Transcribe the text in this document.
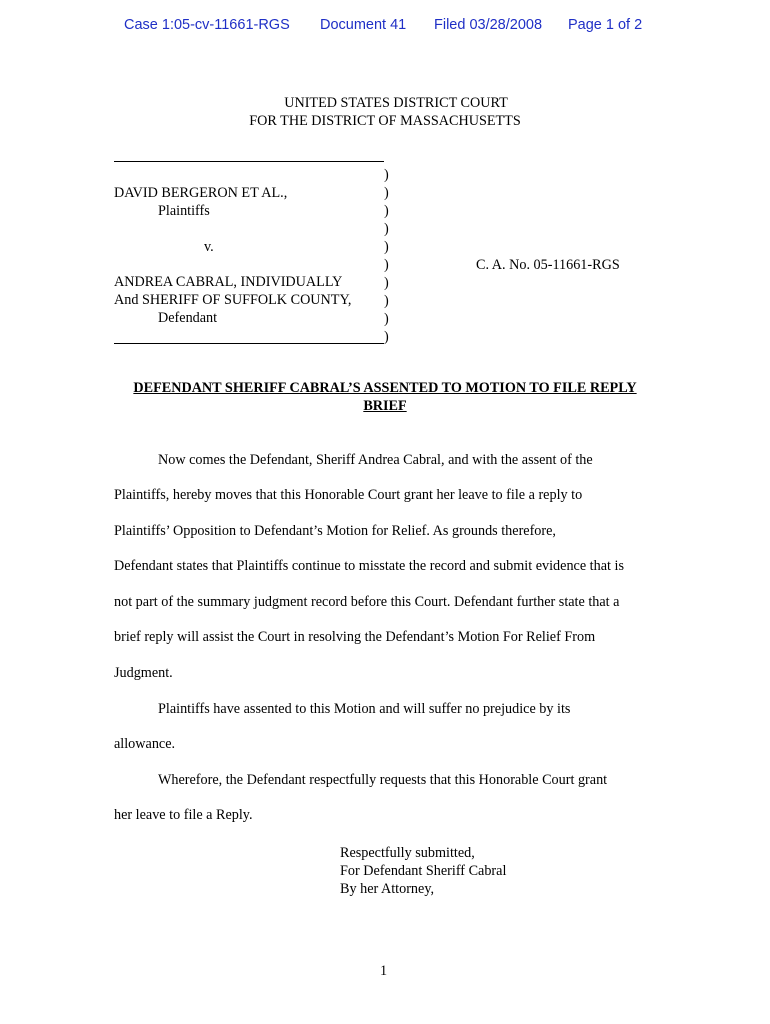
Case 1:05-cv-11661-RGS Document 41 Filed 03/28/2008 Page 1 of 2
UNITED STATES DISTRICT COURT
FOR THE DISTRICT OF MASSACHUSETTS
DAVID BERGERON ET AL.,
Plaintiffs
v.
ANDREA CABRAL, INDIVIDUALLY
And SHERIFF OF SUFFOLK COUNTY,
Defendant
)
)
)
)
)
)
)
)
)
)
C. A. No. 05-11661-RGS
DEFENDANT SHERIFF CABRAL’S ASSENTED TO MOTION TO FILE REPLY
BRIEF
Now comes the Defendant, Sheriff Andrea Cabral, and with the assent of the
Plaintiffs, hereby moves that this Honorable Court grant her leave to file a reply to
Plaintiffs’ Opposition to Defendant’s Motion for Relief. As grounds therefore,
Defendant states that Plaintiffs continue to misstate the record and submit evidence that is
not part of the summary judgment record before this Court. Defendant further state that a
brief reply will assist the Court in resolving the Defendant’s Motion For Relief From
Judgment.
Plaintiffs have assented to this Motion and will suffer no prejudice by its
allowance.
Wherefore, the Defendant respectfully requests that this Honorable Court grant
her leave to file a Reply.
Respectfully submitted,
For Defendant Sheriff Cabral
By her Attorney,
1
